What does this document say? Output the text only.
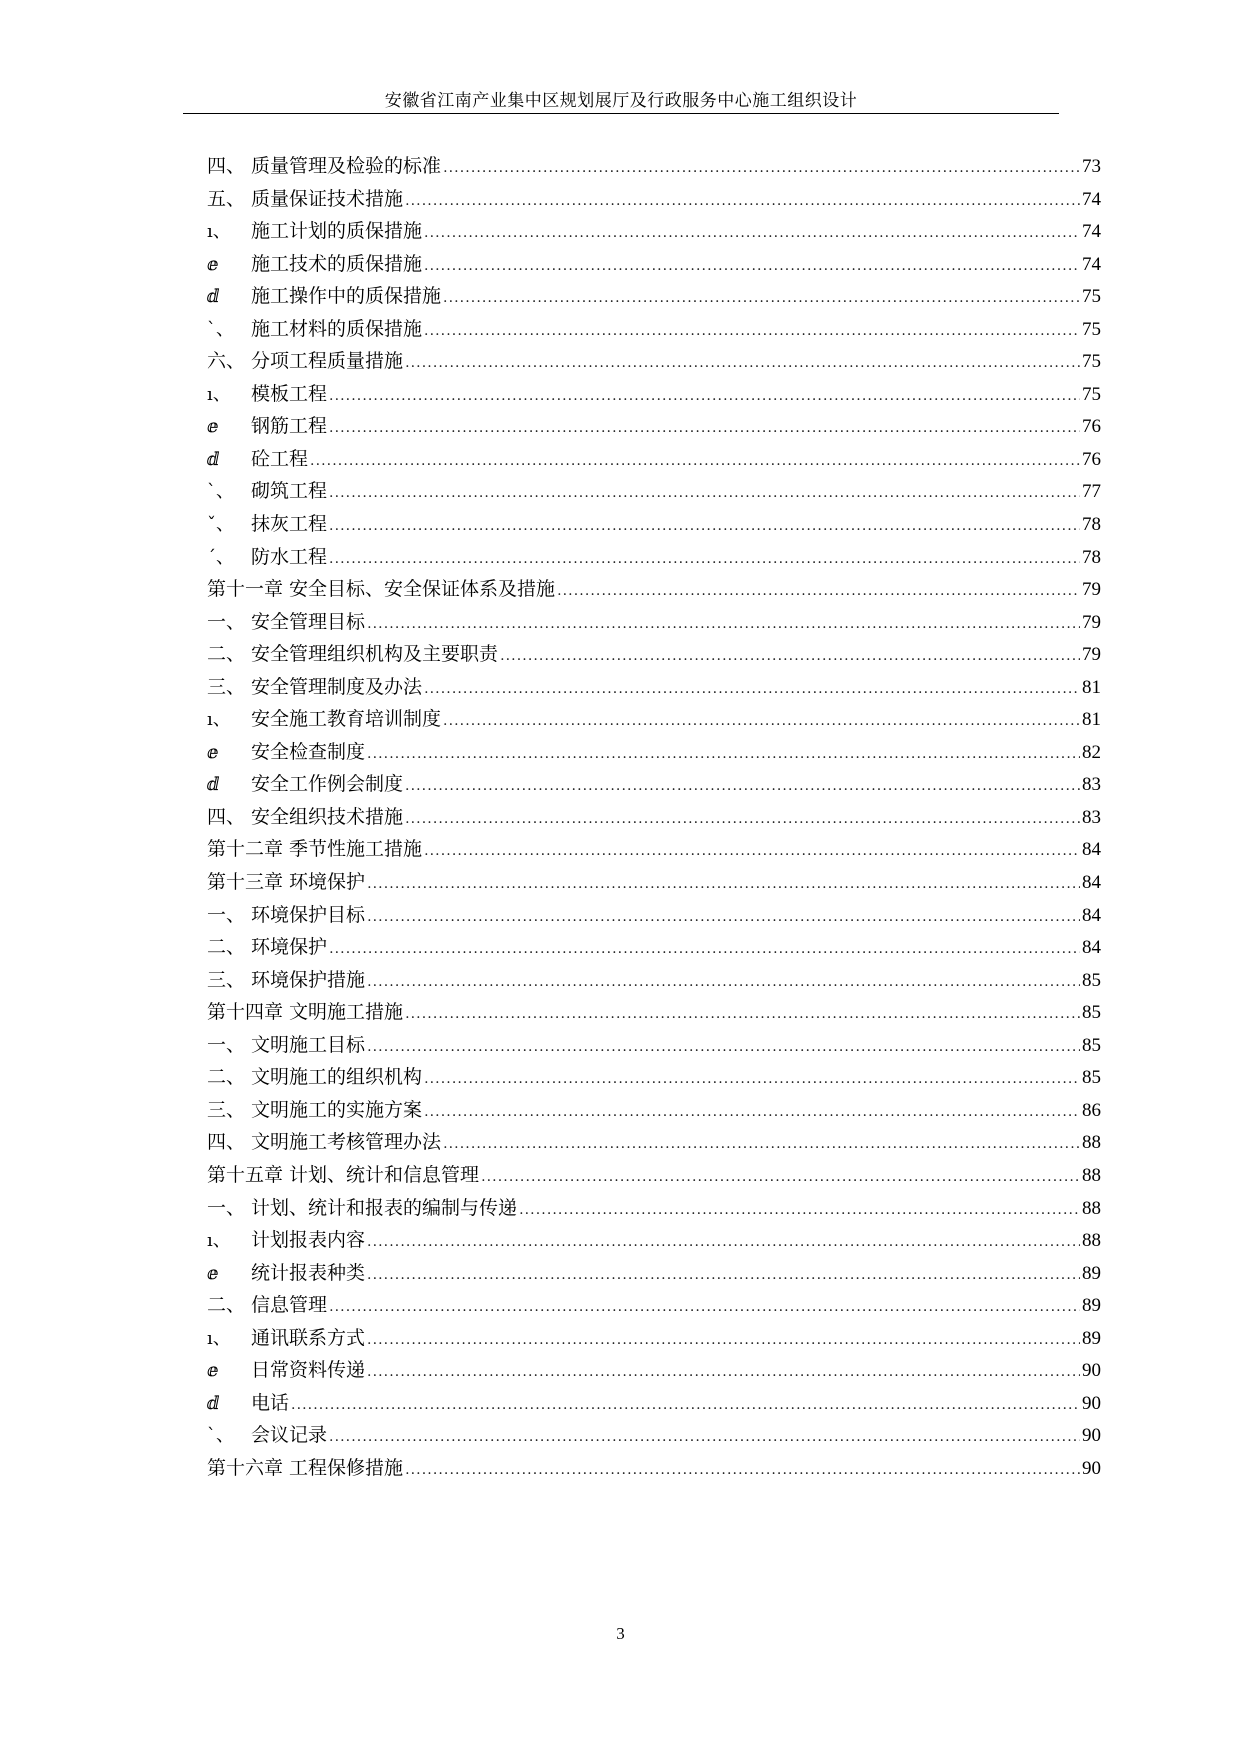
安徽省江南产业集中区规划展厅及行政服务中心施工组织设计
四、 质量管理及检验的标准 .....	73
五、 质量保证技术措施 .....	74
ı、	施工计划的质保措施 .....	74
ⅇ	施工技术的质保措施 .....	74
ⅆ	施工操作中的质保措施 .....	75
ˋ、 施工材料的质保措施 .....	75
六、 分项工程质量措施 .....	75
ı、	模板工程 .....	75
ⅇ	钢筋工程 .....	76
ⅆ	砼工程 .....	76
ˋ、 砌筑工程 .....	77
ˇ、 抹灰工程 .....	78
ˊ、 防水工程 .....	78
第十一章 安全目标、安全保证体系及措施 .....	79
一、 安全管理目标 .....	79
二、 安全管理组织机构及主要职责 .....	79
三、 安全管理制度及办法 .....	81
ı、	安全施工教育培训制度 .....	81
ⅇ	安全检查制度 .....	82
ⅆ	安全工作例会制度 .....	83
四、 安全组织技术措施 .....	83
第十二章 季节性施工措施 .....	84
第十三章 环境保护 .....	84
一、 环境保护目标 .....	84
二、 环境保护 .....	84
三、 环境保护措施 .....	85
第十四章 文明施工措施 .....	85
一、 文明施工目标 .....	85
二、 文明施工的组织机构 .....	85
三、 文明施工的实施方案 .....	86
四、 文明施工考核管理办法 .....	88
第十五章 计划、统计和信息管理 .....	88
一、 计划、统计和报表的编制与传递 .....	88
ı、	计划报表内容 .....	88
ⅇ	统计报表种类 .....	89
二、 信息管理 .....	89
ı、	通讯联系方式 .....	89
ⅇ	日常资料传递 .....	90
ⅆ	电话 .....	90
ˋ、 会议记录 .....	90
第十六章 工程保修措施 .....	90
3
